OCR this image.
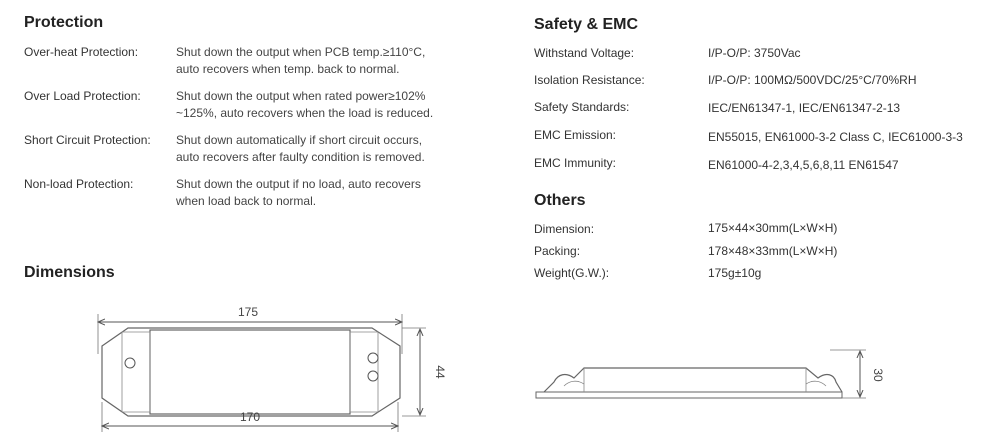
Protection
Over-heat Protection:	Shut down the output when PCB temp.≥110°C,
auto recovers when temp. back to normal.
Over Load Protection:	Shut down the output when rated power≥102%
~125%, auto recovers when the load is reduced.
Short Circuit Protection: Shut down automatically if short circuit occurs,
auto recovers after faulty condition is removed.
Non-load Protection:	Shut down the output if no load, auto recovers
when load back to normal.
Safety & EMC
Withstand Voltage:	I/P-O/P: 3750Vac
Isolation Resistance:	I/P-O/P: 100MΩ/500VDC/25°C/70%RH
Safety Standards:	IEC/EN61347-1, IEC/EN61347-2-13
EMC Emission:	EN55015, EN61000-3-2 Class C, IEC61000-3-3
EMC Immunity:	EN61000-4-2,3,4,5,6,8,11 EN61547
Others
Dimension:	175×44×30mm(L×W×H)
Packing:	178×48×33mm(L×W×H)
Weight(G.W.):	175g±10g
Dimensions
175
44
170
30
